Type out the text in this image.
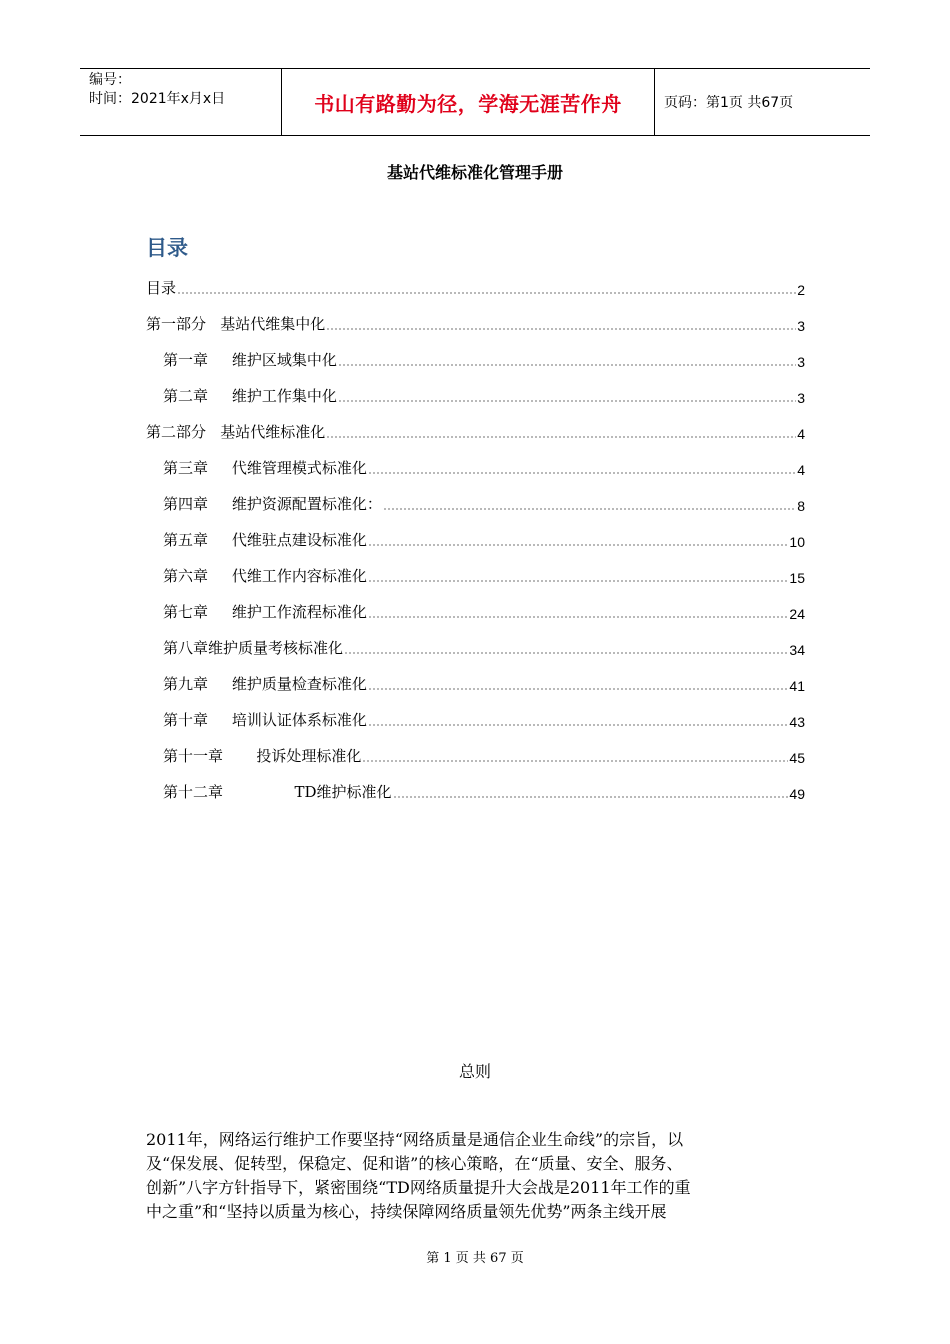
编号：
时间：2021年x月x日	书山有路勤为径，学海无涯苦作舟	页码：第1页 共67页
基站代维标准化管理手册
目录
目录	2
第一部分   基站代维集中化	3
第一章     维护区域集中化	3
第二章     维护工作集中化	3
第二部分   基站代维标准化	4
第三章     代维管理模式标准化	4
第四章     维护资源配置标准化：	8
第五章     代维驻点建设标准化	10
第六章     代维工作内容标准化	15
第七章     维护工作流程标准化	24
第八章维护质量考核标准化	34
第九章     维护质量检查标准化	41
第十章     培训认证体系标准化	43
第十一章       投诉处理标准化	45
第十二章               TD维护标准化	49
总则
2011年，网络运行维护工作要坚持“网络质量是通信企业生命线”的宗旨，以
及“保发展、促转型，保稳定、促和谐”的核心策略，在“质量、安全、服务、
创新”八字方针指导下，紧密围绕“TD网络质量提升大会战是2011年工作的重
中之重”和“坚持以质量为核心，持续保障网络质量领先优势”两条主线开展
第 1 页 共 67 页
